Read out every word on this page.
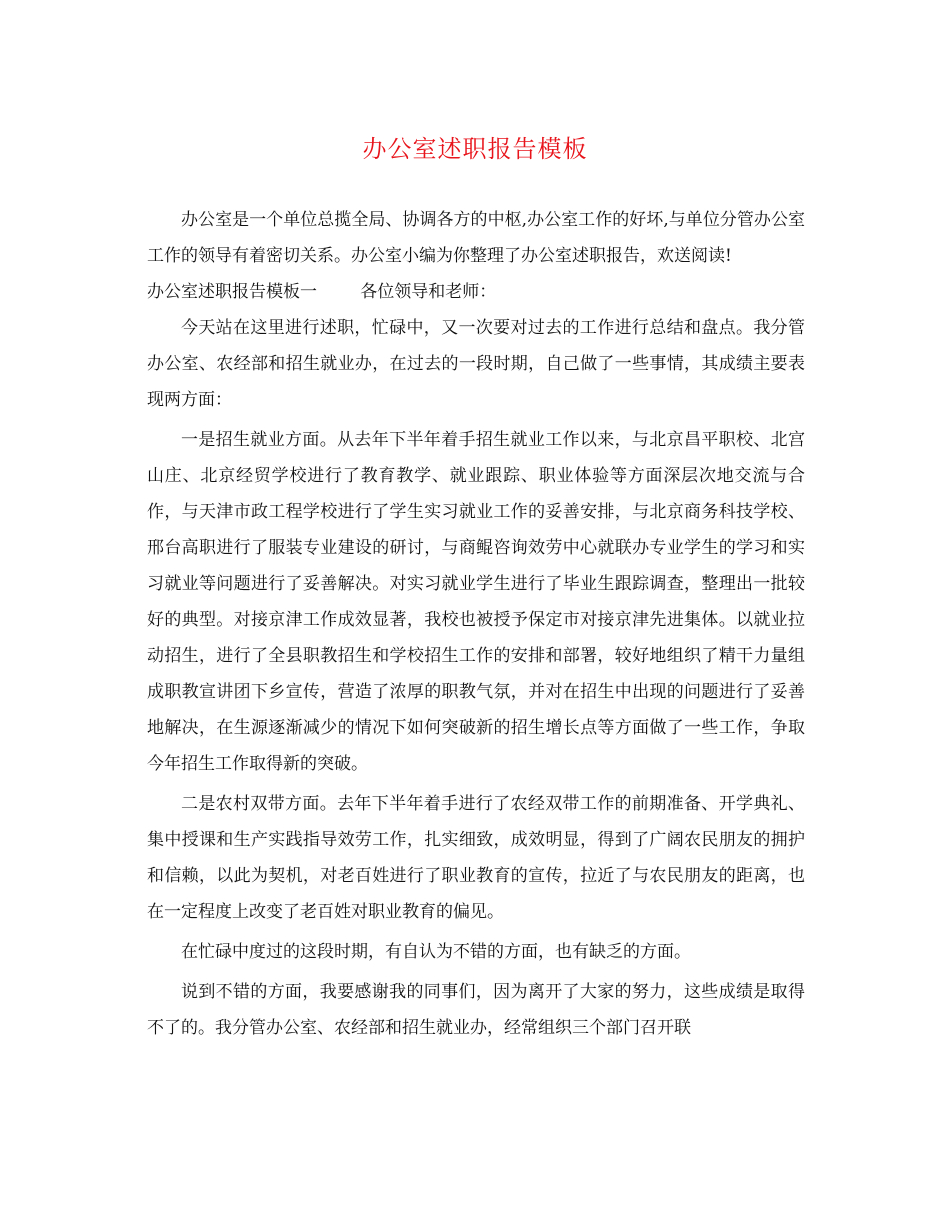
办公室述职报告模板

办公室是一个单位总揽全局、协调各方的中枢,办公室工作的好坏,与单位分管办公室工作的领导有着密切关系。办公室小编为你整理了办公室述职报告，欢送阅读!

办公室述职报告模板一        各位领导和老师：

今天站在这里进行述职，忙碌中，又一次要对过去的工作进行总结和盘点。我分管办公室、农经部和招生就业办，在过去的一段时期，自己做了一些事情，其成绩主要表现两方面：

一是招生就业方面。从去年下半年着手招生就业工作以来，与北京昌平职校、北宫山庄、北京经贸学校进行了教育教学、就业跟踪、职业体验等方面深层次地交流与合作，与天津市政工程学校进行了学生实习就业工作的妥善安排，与北京商务科技学校、邢台高职进行了服装专业建设的研讨，与商鲲咨询效劳中心就联办专业学生的学习和实习就业等问题进行了妥善解决。对实习就业学生进行了毕业生跟踪调查，整理出一批较好的典型。对接京津工作成效显著，我校也被授予保定市对接京津先进集体。以就业拉动招生，进行了全县职教招生和学校招生工作的安排和部署，较好地组织了精干力量组成职教宣讲团下乡宣传，营造了浓厚的职教气氛，并对在招生中出现的问题进行了妥善地解决，在生源逐渐减少的情况下如何突破新的招生增长点等方面做了一些工作，争取今年招生工作取得新的突破。

二是农村双带方面。去年下半年着手进行了农经双带工作的前期准备、开学典礼、集中授课和生产实践指导效劳工作，扎实细致，成效明显，得到了广阔农民朋友的拥护和信赖，以此为契机，对老百姓进行了职业教育的宣传，拉近了与农民朋友的距离，也在一定程度上改变了老百姓对职业教育的偏见。

在忙碌中度过的这段时期，有自认为不错的方面，也有缺乏的方面。

说到不错的方面，我要感谢我的同事们，因为离开了大家的努力，这些成绩是取得不了的。我分管办公室、农经部和招生就业办，经常组织三个部门召开联
